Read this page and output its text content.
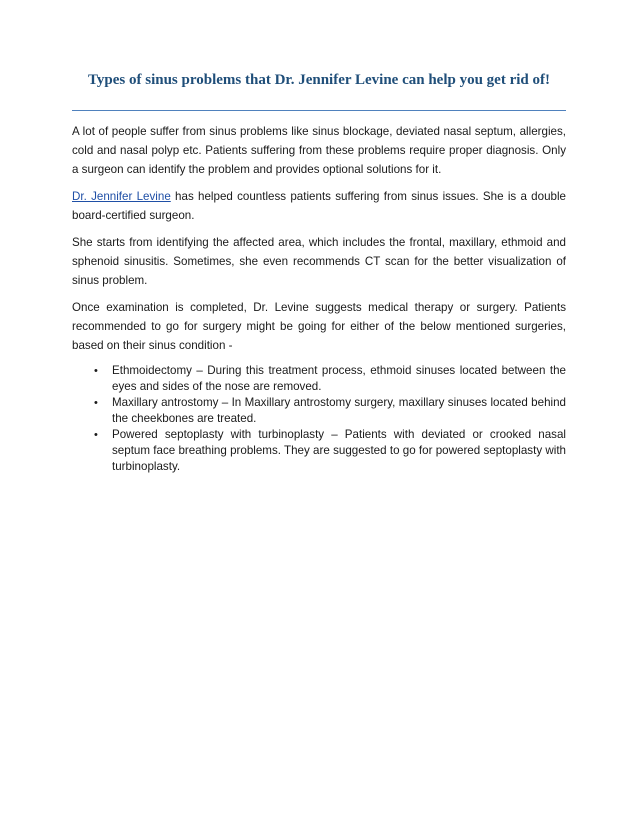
Types of sinus problems that Dr. Jennifer Levine can help you get rid of!

A lot of people suffer from sinus problems like sinus blockage, deviated nasal septum, allergies, cold and nasal polyp etc. Patients suffering from these problems require proper diagnosis. Only a surgeon can identify the problem and provides optional solutions for it.

Dr. Jennifer Levine has helped countless patients suffering from sinus issues. She is a double board-certified surgeon.

She starts from identifying the affected area, which includes the frontal, maxillary, ethmoid and sphenoid sinusitis. Sometimes, she even recommends CT scan for the better visualization of sinus problem.

Once examination is completed, Dr. Levine suggests medical therapy or surgery. Patients recommended to go for surgery might be going for either of the below mentioned surgeries, based on their sinus condition -

• Ethmoidectomy – During this treatment process, ethmoid sinuses located between the eyes and sides of the nose are removed.
• Maxillary antrostomy – In Maxillary antrostomy surgery, maxillary sinuses located behind the cheekbones are treated.
• Powered septoplasty with turbinoplasty – Patients with deviated or crooked nasal septum face breathing problems. They are suggested to go for powered septoplasty with turbinoplasty.
